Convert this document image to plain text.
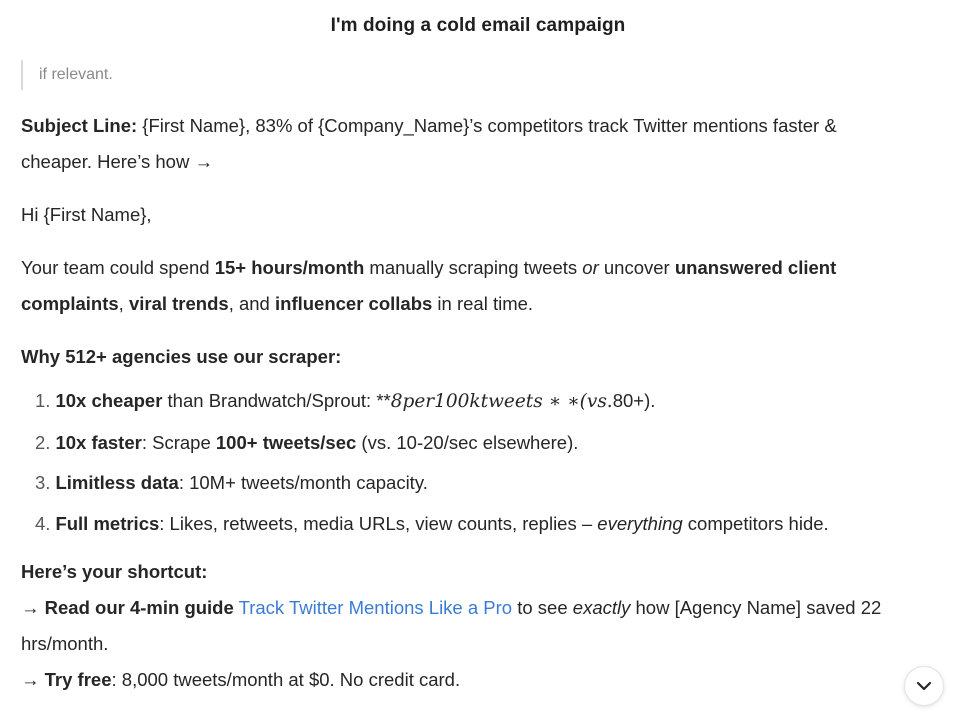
I'm doing a cold email campaign
if relevant.

Subject Line: {First Name}, 83% of {Company_Name}’s competitors track Twitter mentions faster &
cheaper. Here’s how →

Hi {First Name},

Your team could spend 15+ hours/month manually scraping tweets or uncover unanswered client
complaints, viral trends, and influencer collabs in real time.

Why 512+ agencies use our scraper:

1. 10x cheaper than Brandwatch/Sprout: **8per100ktweets ∗ ∗(vs.80+).
2. 10x faster: Scrape 100+ tweets/sec (vs. 10-20/sec elsewhere).
3. Limitless data: 10M+ tweets/month capacity.
4. Full metrics: Likes, retweets, media URLs, view counts, replies – everything competitors hide.

Here’s your shortcut:

→ Read our 4-min guide Track Twitter Mentions Like a Pro to see exactly how [Agency Name] saved 22
hrs/month.

→ Try free: 8,000 tweets/month at $0. No credit card.
